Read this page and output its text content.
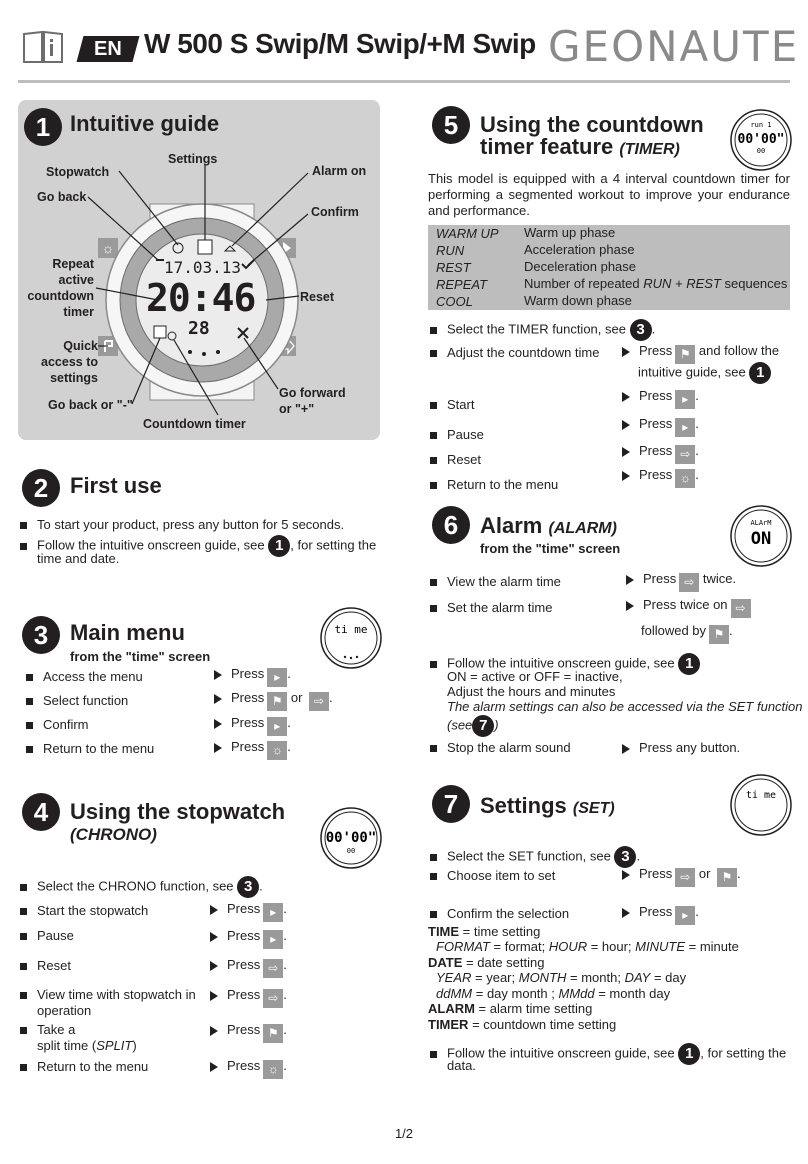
EN W 500 S Swip/M Swip/+M Swip GEONAUTE
1 Intuitive guide
☼
17.03.13
20:46
28
Settings
Stopwatch	Alarm on
Go back
Confirm
Repeat
active
countdown
timer
Reset
Quick
access to
settings
Go back or "-"
Go forward
or "+"
Countdown timer
2 First use
To start your product, press any button for 5 seconds.
Follow the intuitive onscreen guide, see 1 , for setting the
time and date.
3 Main menu
from the "time" screen
ti me
Access the menu	Press ▸ .
Select function	Press ⚑ or ⇨ .
Confirm	Press ▸ .
Return to the menu	Press ☼ .
4 Using the stopwatch
(CHRONO)	00'00"
00
Select the CHRONO function, see 3 .
Start the stopwatch	Press ▸ .
Pause	Press ▸ .
Reset	Press ⇨ .
View time with stopwatch in
operation
Press ⇨ .
Take a
split time (SPLIT)
Press ⚑ .
Return to the menu	Press ☼ .
5 Using the countdown
timer feature (TIMER)
run 1
00'00"
00
This model is equipped with a 4 interval countdown timer for performing a segmented workout to improve your endurance and performance.
WARM UP Warm up phase
RUN	Acceleration phase
REST	Deceleration phase
REPEAT	Number of repeated RUN + REST sequences
COOL	Warm down phase
Select the TIMER function, see 3 .
Adjust the countdown time	Press ⚑ and follow the
intuitive guide, see 1
Start
Press ▸ .
Pause
Press ▸ .
Reset
Press ⇨ .
Return to the menu
Press ☼ .
6 Alarm (ALARM)
from the "time" screen
ALArM
ON
View the alarm time	Press ⇨ twice.
Set the alarm time	Press twice on ⇨
followed by ⚑ .
Follow the intuitive onscreen guide, see 1
ON = active or OFF = inactive,
Adjust the hours and minutes
The alarm settings can also be accessed via the SET function
(see 7 )
Stop the alarm sound	Press any button.
7 Settings (SET)
ti me
Select the SET function, see 3 .
Choose item to set	Press ⇨ or ⚑ .
Confirm the selection	Press ▸ .
TIME = time setting
FORMAT = format; HOUR = hour; MINUTE = minute
DATE = date setting
YEAR = year; MONTH = month; DAY = day
ddMM = day month ; MMdd = month day
ALARM = alarm time setting
TIMER = countdown time setting
Follow the intuitive onscreen guide, see 1 , for setting the
data.
1/2
